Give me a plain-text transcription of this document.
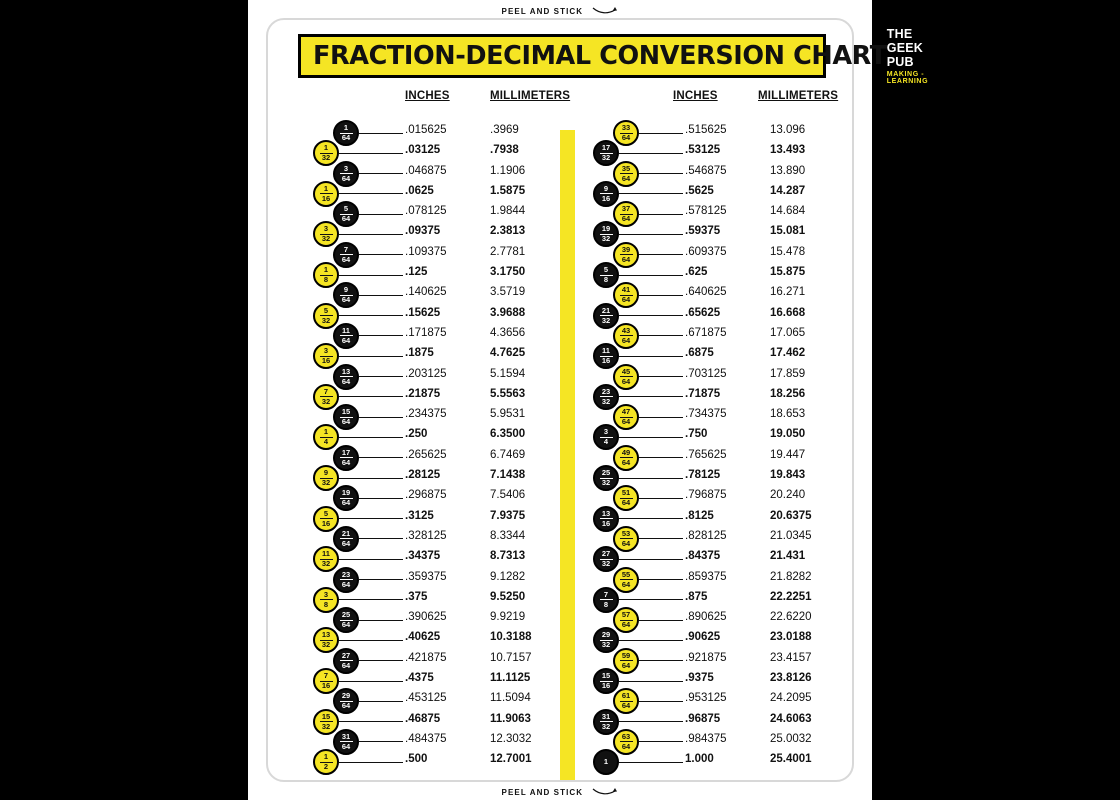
PEEL AND STICK
FRACTION-DECIMAL CONVERSION CHART
THE GEEK PUB
MAKING - LEARNING
INCHES	MILLIMETERS	INCHES	MILLIMETERS
1
64
.015625	.3969
1
32
.03125	.7938
3
64
.046875	1.1906
1
16
.0625	1.5875
5
64
.078125	1.9844
3
32
.09375	2.3813
7
64
.109375	2.7781
1
8
.125	3.1750
9
64
.140625	3.5719
5
32
.15625	3.9688
11
64
.171875	4.3656
3
16
.1875	4.7625
13
64
.203125	5.1594
7
32
.21875	5.5563
15
64
.234375	5.9531
1
4
.250	6.3500
17
64
.265625	6.7469
9
32
.28125	7.1438
19
64
.296875	7.5406
5
16
.3125	7.9375
21
64
.328125	8.3344
11
32
.34375	8.7313
23
64
.359375	9.1282
3
8
.375	9.5250
25
64
.390625	9.9219
13
32
.40625	10.3188
27
64
.421875	10.7157
7
16
.4375	11.1125
29
64
.453125	11.5094
15
32
.46875	11.9063
31
64
.484375	12.3032
1
2
.500	12.7001
33
64
.515625	13.096
17
32
.53125	13.493
35
64
.546875	13.890
9
16
.5625	14.287
37
64
.578125	14.684
19
32
.59375	15.081
39
64
.609375	15.478
5
8
.625	15.875
41
64
.640625	16.271
21
32
.65625	16.668
43
64
.671875	17.065
11
16
.6875	17.462
45
64
.703125	17.859
23
32
.71875	18.256
47
64
.734375	18.653
3
4
.750	19.050
49
64
.765625	19.447
25
32
.78125	19.843
51
64
.796875	20.240
13
16
.8125	20.6375
53
64
.828125	21.0345
27
32
.84375	21.431
55
64
.859375	21.8282
7
8
.875	22.2251
57
64
.890625	22.6220
29
32
.90625	23.0188
59
64
.921875	23.4157
15
16
.9375	23.8126
61
64
.953125	24.2095
31
32
.96875	24.6063
63
64
.984375	25.0032
1	1.000	25.4001
PEEL AND STICK
